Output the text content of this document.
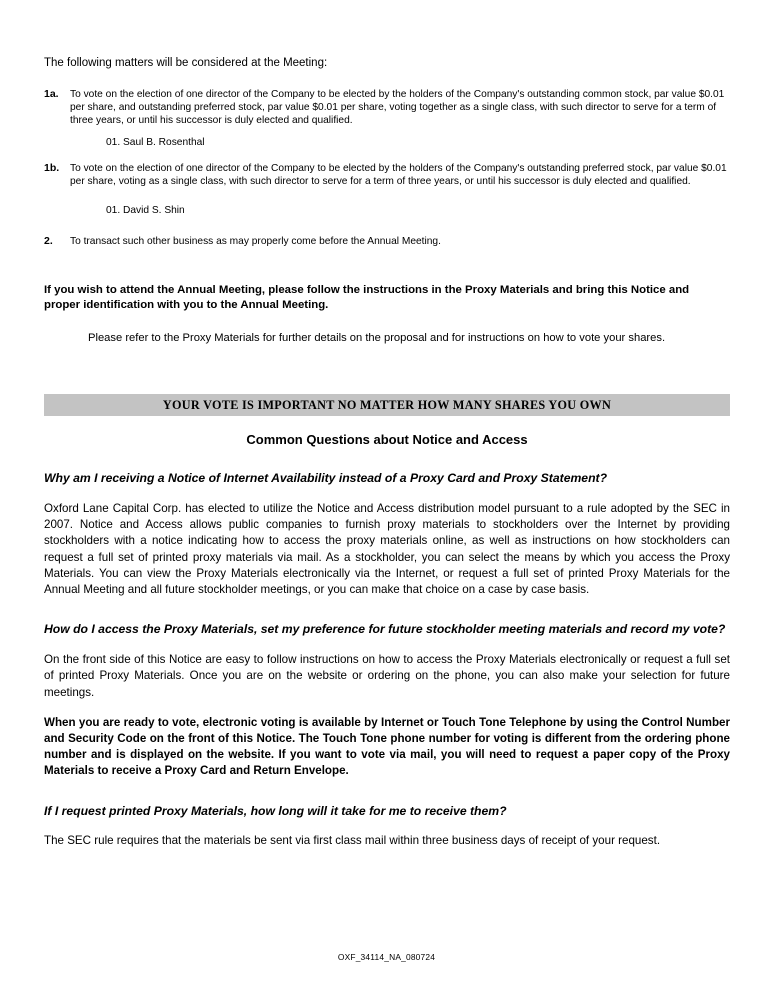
The following matters will be considered at the Meeting:
1a.	To vote on the election of one director of the Company to be elected by the holders of the Company's outstanding common stock, par value $0.01 per share, and outstanding preferred stock, par value $0.01 per share, voting together as a single class, with such director to serve for a term of three years, or until his successor is duly elected and qualified.
01. Saul B. Rosenthal
1b.	To vote on the election of one director of the Company to be elected by the holders of the Company's outstanding preferred stock, par value $0.01 per share, voting as a single class, with such director to serve for a term of three years, or until his successor is duly elected and qualified.
01. David S. Shin
2.	To transact such other business as may properly come before the Annual Meeting.
If you wish to attend the Annual Meeting, please follow the instructions in the Proxy Materials and bring this Notice and proper identification with you to the Annual Meeting.
Please refer to the Proxy Materials for further details on the proposal and for instructions on how to vote your shares.
YOUR VOTE IS IMPORTANT NO MATTER HOW MANY SHARES YOU OWN
Common Questions about Notice and Access
Why am I receiving a Notice of Internet Availability instead of a Proxy Card and Proxy Statement?
Oxford Lane Capital Corp. has elected to utilize the Notice and Access distribution model pursuant to a rule adopted by the SEC in 2007. Notice and Access allows public companies to furnish proxy materials to stockholders over the Internet by providing stockholders with a notice indicating how to access the proxy materials online, as well as instructions on how stockholders can request a full set of printed proxy materials via mail. As a stockholder, you can select the means by which you access the Proxy Materials. You can view the Proxy Materials electronically via the Internet, or request a full set of printed Proxy Materials for the Annual Meeting and all future stockholder meetings, or you can make that choice on a case by case basis.
How do I access the Proxy Materials, set my preference for future stockholder meeting materials and record my vote?
On the front side of this Notice are easy to follow instructions on how to access the Proxy Materials electronically or request a full set of printed Proxy Materials. Once you are on the website or ordering on the phone, you can also make your selection for future meetings.
When you are ready to vote, electronic voting is available by Internet or Touch Tone Telephone by using the Control Number and Security Code on the front of this Notice. The Touch Tone phone number for voting is different from the ordering phone number and is displayed on the website. If you want to vote via mail, you will need to request a paper copy of the Proxy Materials to receive a Proxy Card and Return Envelope.
If I request printed Proxy Materials, how long will it take for me to receive them?
The SEC rule requires that the materials be sent via first class mail within three business days of receipt of your request.
OXF_34114_NA_080724
